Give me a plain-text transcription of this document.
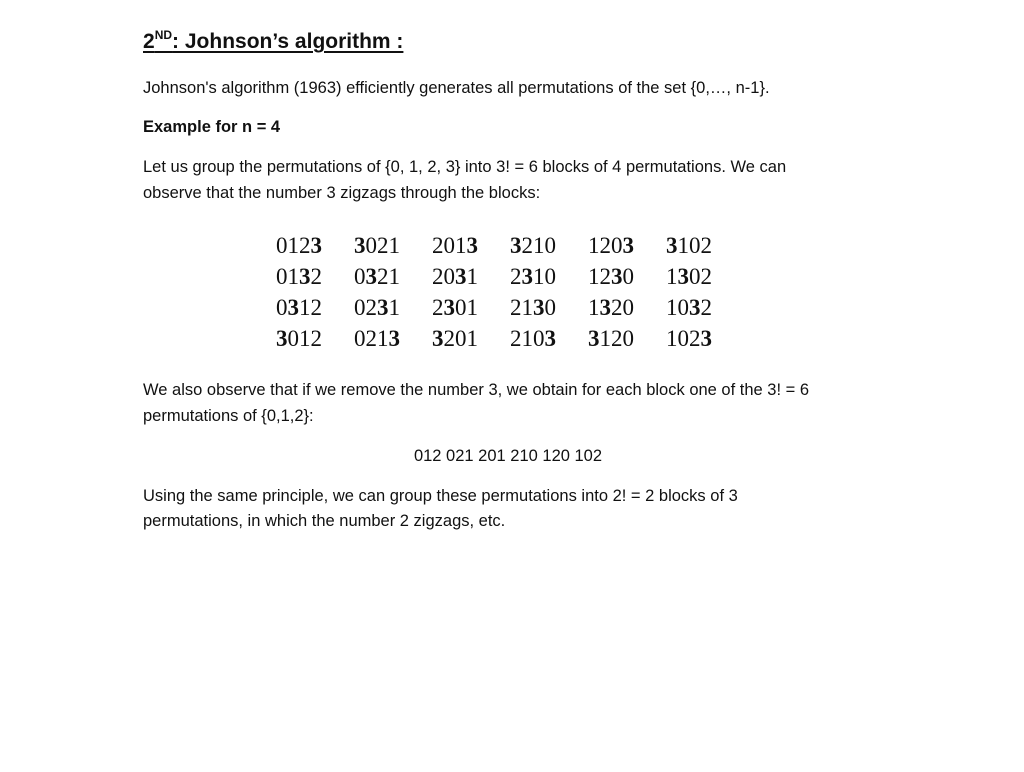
2ND: Johnson’s algorithm :
Johnson's algorithm (1963) efficiently generates all permutations of the set {0,…, n-1}.
Example for n = 4
Let us group the permutations of {0, 1, 2, 3} into 3! = 6 blocks of 4 permutations. We can
observe that the number 3 zigzags through the blocks:
0123	3021	2013	3210	1203	3102
0132	0321	2031	2310	1230	1302
0312	0231	2301	2130	1320	1032
3012	0213	3201	2103	3120	1023
We also observe that if we remove the number 3, we obtain for each block one of the 3! = 6
permutations of {0,1,2}:
012 021 201 210 120 102
Using the same principle, we can group these permutations into 2! = 2 blocks of 3
permutations, in which the number 2 zigzags, etc.
